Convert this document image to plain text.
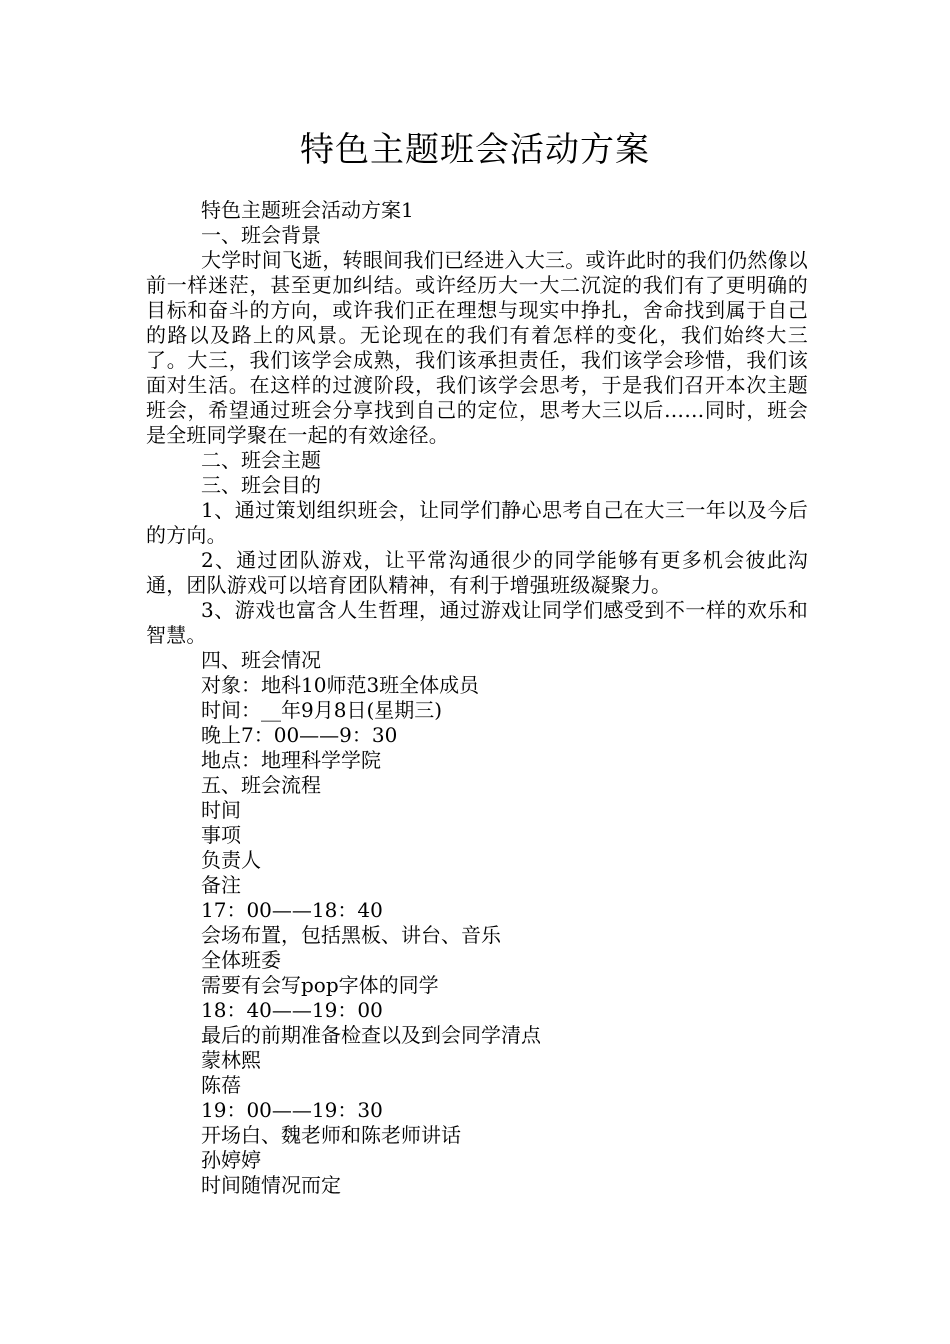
特色主题班会活动方案

特色主题班会活动方案1

一、班会背景

大学时间飞逝，转眼间我们已经进入大三。或许此时的我们仍然像以前一样迷茫，甚至更加纠结。或许经历大一大二沉淀的我们有了更明确的目标和奋斗的方向，或许我们正在理想与现实中挣扎，舍命找到属于自己的路以及路上的风景。无论现在的我们有着怎样的变化，我们始终大三了。大三，我们该学会成熟，我们该承担责任，我们该学会珍惜，我们该面对生活。在这样的过渡阶段，我们该学会思考，于是我们召开本次主题班会，希望通过班会分享找到自己的定位，思考大三以后……同时，班会是全班同学聚在一起的有效途径。

二、班会主题

三、班会目的

1、通过策划组织班会，让同学们静心思考自己在大三一年以及今后的方向。

2、通过团队游戏，让平常沟通很少的同学能够有更多机会彼此沟通，团队游戏可以培育团队精神，有利于增强班级凝聚力。

3、游戏也富含人生哲理，通过游戏让同学们感受到不一样的欢乐和智慧。

四、班会情况

对象：地科10师范3班全体成员

时间：__年9月8日(星期三)

晚上7：00——9：30

地点：地理科学学院

五、班会流程

时间

事项

负责人

备注

17：00——18：40

会场布置，包括黑板、讲台、音乐

全体班委

需要有会写pop字体的同学

18：40——19：00

最后的前期准备检查以及到会同学清点

蒙林熙

陈蓓

19：00——19：30

开场白、魏老师和陈老师讲话

孙婷婷

时间随情况而定
